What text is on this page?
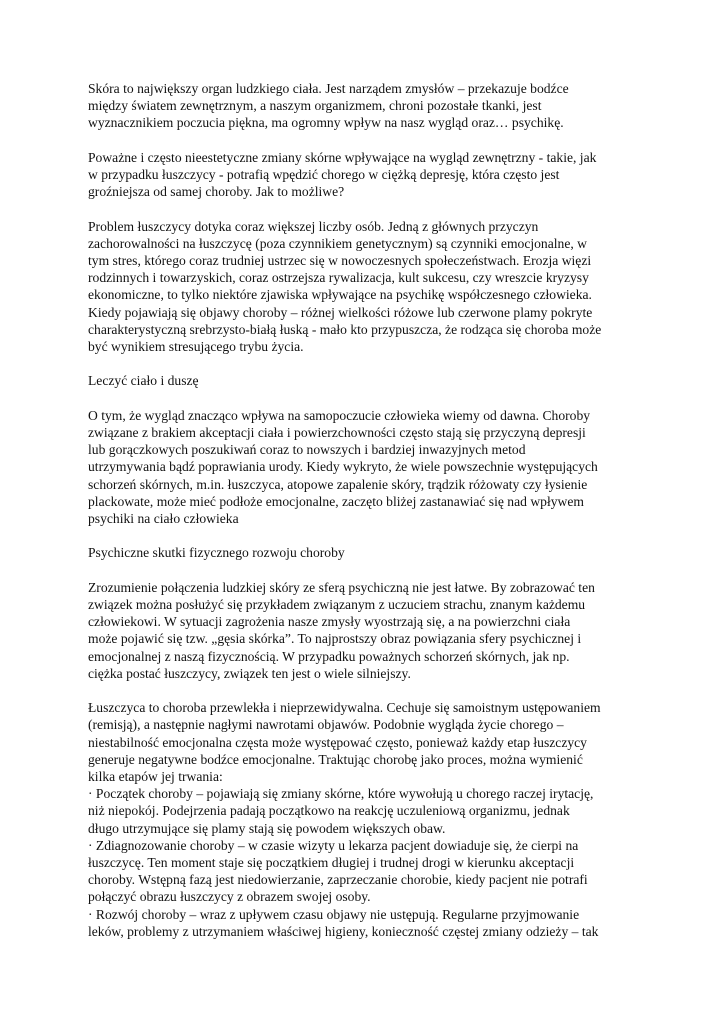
Skóra to największy organ ludzkiego ciała. Jest narządem zmysłów – przekazuje bodźce
między światem zewnętrznym, a naszym organizmem, chroni pozostałe tkanki, jest
wyznacznikiem poczucia piękna, ma ogromny wpływ na nasz wygląd oraz… psychikę.
Poważne i często nieestetyczne zmiany skórne wpływające na wygląd zewnętrzny - takie, jak
w przypadku łuszczycy - potrafią wpędzić chorego w ciężką depresję, która często jest
groźniejsza od samej choroby. Jak to możliwe?
Problem łuszczycy dotyka coraz większej liczby osób. Jedną z głównych przyczyn
zachorowalności na łuszczycę (poza czynnikiem genetycznym) są czynniki emocjonalne, w
tym stres, którego coraz trudniej ustrzec się w nowoczesnych społeczeństwach. Erozja więzi
rodzinnych i towarzyskich, coraz ostrzejsza rywalizacja, kult sukcesu, czy wreszcie kryzysy
ekonomiczne, to tylko niektóre zjawiska wpływające na psychikę współczesnego człowieka.
Kiedy pojawiają się objawy choroby – różnej wielkości różowe lub czerwone plamy pokryte
charakterystyczną srebrzysto-białą łuską - mało kto przypuszcza, że rodząca się choroba może
być wynikiem stresującego trybu życia.
Leczyć ciało i duszę
O tym, że wygląd znacząco wpływa na samopoczucie człowieka wiemy od dawna. Choroby
związane z brakiem akceptacji ciała i powierzchowności często stają się przyczyną depresji
lub gorączkowych poszukiwań coraz to nowszych i bardziej inwazyjnych metod
utrzymywania bądź poprawiania urody. Kiedy wykryto, że wiele powszechnie występujących
schorzeń skórnych, m.in. łuszczyca, atopowe zapalenie skóry, trądzik różowaty czy łysienie
plackowate, może mieć podłoże emocjonalne, zaczęto bliżej zastanawiać się nad wpływem
psychiki na ciało człowieka
Psychiczne skutki fizycznego rozwoju choroby
Zrozumienie połączenia ludzkiej skóry ze sferą psychiczną nie jest łatwe. By zobrazować ten
związek można posłużyć się przykładem związanym z uczuciem strachu, znanym każdemu
człowiekowi. W sytuacji zagrożenia nasze zmysły wyostrzają się, a na powierzchni ciała
może pojawić się tzw. „gęsia skórka”. To najprostszy obraz powiązania sfery psychicznej i
emocjonalnej z naszą fizycznością. W przypadku poważnych schorzeń skórnych, jak np.
ciężka postać łuszczycy, związek ten jest o wiele silniejszy.
Łuszczyca to choroba przewlekła i nieprzewidywalna. Cechuje się samoistnym ustępowaniem
(remisją), a następnie nagłymi nawrotami objawów. Podobnie wygląda życie chorego –
niestabilność emocjonalna częsta może występować często, ponieważ każdy etap łuszczycy
generuje negatywne bodźce emocjonalne. Traktując chorobę jako proces, można wymienić
kilka etapów jej trwania:
· Początek choroby – pojawiają się zmiany skórne, które wywołują u chorego raczej irytację,
niż niepokój. Podejrzenia padają początkowo na reakcję uczuleniową organizmu, jednak
długo utrzymujące się plamy stają się powodem większych obaw.
· Zdiagnozowanie choroby – w czasie wizyty u lekarza pacjent dowiaduje się, że cierpi na
łuszczycę. Ten moment staje się początkiem długiej i trudnej drogi w kierunku akceptacji
choroby. Wstępną fazą jest niedowierzanie, zaprzeczanie chorobie, kiedy pacjent nie potrafi
połączyć obrazu łuszczycy z obrazem swojej osoby.
· Rozwój choroby – wraz z upływem czasu objawy nie ustępują. Regularne przyjmowanie
leków, problemy z utrzymaniem właściwej higieny, konieczność częstej zmiany odzieży – tak
